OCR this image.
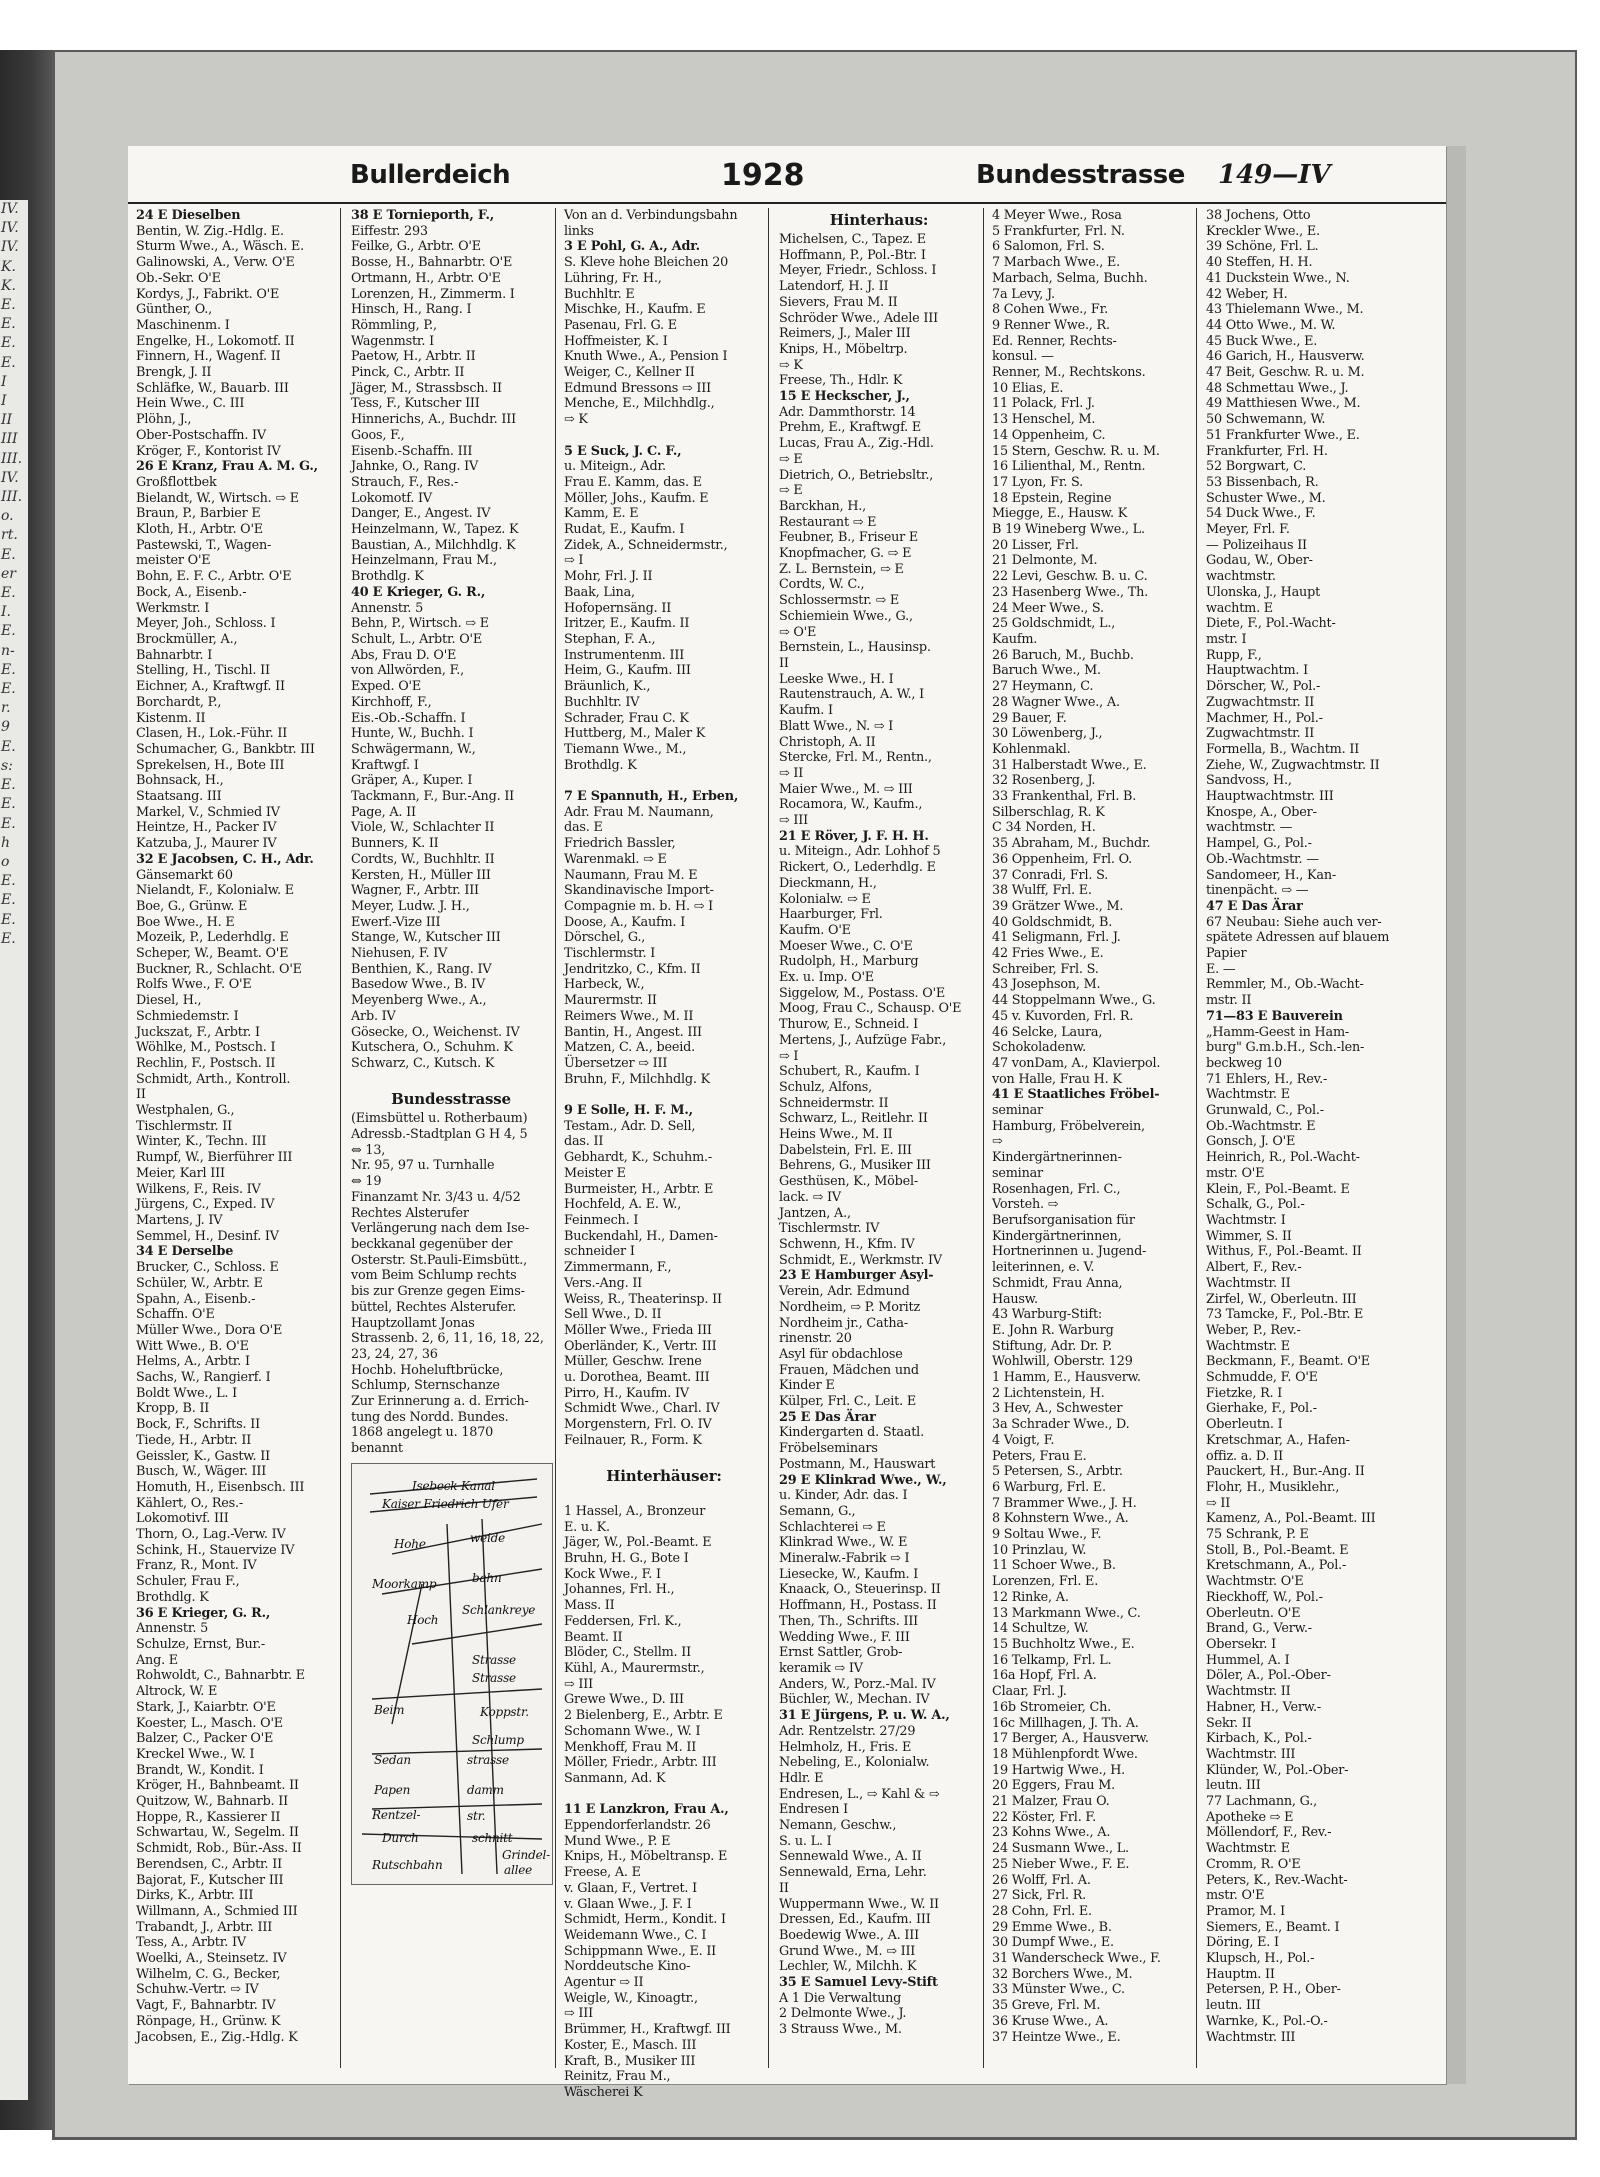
IV.
IV.
IV.
K.
K.
E.
E.
E.
E.
I
I
II
III
III.
IV.
III.
o.
rt.
E.
er
E.
I.
E.
n-
E.
E.
r.
9
E.
s:
E.
E.
E.
h
o
E.
E.
E.
E.
Bullerdeich	1928	Bundesstrasse 149—IV
24 E Dieselben
Bentin, W. Zig.-Hdlg. E.
Sturm Wwe., A., Wäsch. E.
Galinowski, A., Verw. O'E
Ob.-Sekr. O'E
Kordys, J., Fabrikt. O'E
Günther, O.,
Maschinenm. I
Engelke, H., Lokomotf. II
Finnern, H., Wagenf. II
Brengk, J. II
Schläfke, W., Bauarb. III
Hein Wwe., C. III
Plöhn, J.,
Ober-Postschaffn. IV
Kröger, F., Kontorist IV
26 E Kranz, Frau A. M. G.,
Großflottbek
Bielandt, W., Wirtsch. ⇨ E
Braun, P., Barbier E
Kloth, H., Arbtr. O'E
Pastewski, T., Wagen-
meister O'E
Bohn, E. F. C., Arbtr. O'E
Bock, A., Eisenb.-
Werkmstr. I
Meyer, Joh., Schloss. I
Brockmüller, A.,
Bahnarbtr. I
Stelling, H., Tischl. II
Eichner, A., Kraftwgf. II
Borchardt, P.,
Kistenm. II
Clasen, H., Lok.-Führ. II
Schumacher, G., Bankbtr. III
Sprekelsen, H., Bote III
Bohnsack, H.,
Staatsang. III
Markel, V., Schmied IV
Heintze, H., Packer IV
Katzuba, J., Maurer IV
32 E Jacobsen, C. H., Adr.
Gänsemarkt 60
Nielandt, F., Kolonialw. E
Boe, G., Grünw. E
Boe Wwe., H. E
Mozeik, P., Lederhdlg. E
Scheper, W., Beamt. O'E
Buckner, R., Schlacht. O'E
Rolfs Wwe., F. O'E
Diesel, H.,
Schmiedemstr. I
Juckszat, F., Arbtr. I
Wöhlke, M., Postsch. I
Rechlin, F., Postsch. II
Schmidt, Arth., Kontroll.
II
Westphalen, G.,
Tischlermstr. II
Winter, K., Techn. III
Rumpf, W., Bierführer III
Meier, Karl III
Wilkens, F., Reis. IV
Jürgens, C., Exped. IV
Martens, J. IV
Semmel, H., Desinf. IV
34 E Derselbe
Brucker, C., Schloss. E
Schüler, W., Arbtr. E
Spahn, A., Eisenb.-
Schaffn. O'E
Müller Wwe., Dora O'E
Witt Wwe., B. O'E
Helms, A., Arbtr. I
Sachs, W., Rangierf. I
Boldt Wwe., L. I
Kropp, B. II
Bock, F., Schrifts. II
Tiede, H., Arbtr. II
Geissler, K., Gastw. II
Busch, W., Wäger. III
Homuth, H., Eisenbsch. III
Kählert, O., Res.-
Lokomotivf. III
Thorn, O., Lag.-Verw. IV
Schink, H., Stauervize IV
Franz, R., Mont. IV
Schuler, Frau F.,
Brothdlg. K
36 E Krieger, G. R.,
Annenstr. 5
Schulze, Ernst, Bur.-
Ang. E
Rohwoldt, C., Bahnarbtr. E
Altrock, W. E
Stark, J., Kaiarbtr. O'E
Koester, L., Masch. O'E
Balzer, C., Packer O'E
Kreckel Wwe., W. I
Brandt, W., Kondit. I
Kröger, H., Bahnbeamt. II
Quitzow, W., Bahnarb. II
Hoppe, R., Kassierer II
Schwartau, W., Segelm. II
Schmidt, Rob., Bür.-Ass. II
Berendsen, C., Arbtr. II
Bajorat, F., Kutscher III
Dirks, K., Arbtr. III
Willmann, A., Schmied III
Trabandt, J., Arbtr. III
Tess, A., Arbtr. IV
Woelki, A., Steinsetz. IV
Wilhelm, C. G., Becker,
Schuhw.-Vertr. ⇨ IV
Vagt, F., Bahnarbtr. IV
Rönpage, H., Grünw. K
Jacobsen, E., Zig.-Hdlg. K
38 E Tornieporth, F.,
Eiffestr. 293
Feilke, G., Arbtr. O'E
Bosse, H., Bahnarbtr. O'E
Ortmann, H., Arbtr. O'E
Lorenzen, H., Zimmerm. I
Hinsch, H., Rang. I
Römmling, P.,
Wagenmstr. I
Paetow, H., Arbtr. II
Pinck, C., Arbtr. II
Jäger, M., Strassbsch. II
Tess, F., Kutscher III
Hinnerichs, A., Buchdr. III
Goos, F.,
Eisenb.-Schaffn. III
Jahnke, O., Rang. IV
Strauch, F., Res.-
Lokomotf. IV
Danger, E., Angest. IV
Heinzelmann, W., Tapez. K
Baustian, A., Milchhdlg. K
Heinzelmann, Frau M.,
Brothdlg. K
40 E Krieger, G. R.,
Annenstr. 5
Behn, P., Wirtsch. ⇨ E
Schult, L., Arbtr. O'E
Abs, Frau D. O'E
von Allwörden, F.,
Exped. O'E
Kirchhoff, F.,
Eis.-Ob.-Schaffn. I
Hunte, W., Buchh. I
Schwägermann, W.,
Kraftwgf. I
Gräper, A., Kuper. I
Tackmann, F., Bur.-Ang. II
Page, A. II
Viole, W., Schlachter II
Bunners, K. II
Cordts, W., Buchhltr. II
Kersten, H., Müller III
Wagner, F., Arbtr. III
Meyer, Ludw. J. H.,
Ewerf.-Vize III
Stange, W., Kutscher III
Niehusen, F. IV
Benthien, K., Rang. IV
Basedow Wwe., B. IV
Meyenberg Wwe., A.,
Arb. IV
Gösecke, O., Weichenst. IV
Kutschera, O., Schuhm. K
Schwarz, C., Kutsch. K

Bundesstrasse
(Eimsbüttel u. Rotherbaum)
Adressb.-Stadtplan G H 4, 5
⇔ 13,
Nr. 95, 97 u. Turnhalle
⇔ 19
Finanzamt Nr. 3/43 u. 4/52
Rechtes Alsterufer
Verlängerung nach dem Ise-
beckkanal gegenüber der
Osterstr. St.Pauli-Eimsbütt.,
vom Beim Schlump rechts
bis zur Grenze gegen Eims-
büttel, Rechtes Alsterufer.
Hauptzollamt Jonas
Strassenb. 2, 6, 11, 16, 18, 22,
23, 24, 27, 36
Hochb. Hoheluftbrücke,
Schlump, Sternschanze
Zur Erinnerung a. d. Errich-
tung des Nordd. Bundes.
1868 angelegt u. 1870
benannt
Isebeck Kanal
Kaiser Friedrich Ufer
Hohe	weide
Moorkamp	bahn
Schlankreye
Hoch
Strasse
Strasse
Koppstr.
Beim
Schlump
Sedan	strasse
Papen	damm
Rentzel-	str.
Durch	schnitt
Rutschbahn
Grindel-
allee
Von an d. Verbindungsbahn
links
3 E Pohl, G. A., Adr.
S. Kleve hohe Bleichen 20
Lühring, Fr. H.,
Buchhltr. E
Mischke, H., Kaufm. E
Pasenau, Frl. G. E
Hoffmeister, K. I
Knuth Wwe., A., Pension I
Weiger, C., Kellner II
Edmund Bressons ⇨ III
Menche, E., Milchhdlg.,
⇨ K

5 E Suck, J. C. F.,
u. Miteign., Adr.
Frau E. Kamm, das. E
Möller, Johs., Kaufm. E
Kamm, E. E
Rudat, E., Kaufm. I
Zidek, A., Schneidermstr.,
⇨ I
Mohr, Frl. J. II
Baak, Lina,
Hofopernsäng. II
Iritzer, E., Kaufm. II
Stephan, F. A.,
Instrumentenm. III
Heim, G., Kaufm. III
Bräunlich, K.,
Buchhltr. IV
Schrader, Frau C. K
Huttberg, M., Maler K
Tiemann Wwe., M.,
Brothdlg. K

7 E Spannuth, H., Erben,
Adr. Frau M. Naumann,
das. E
Friedrich Bassler,
Warenmakl. ⇨ E
Naumann, Frau M. E
Skandinavische Import-
Compagnie m. b. H. ⇨ I
Doose, A., Kaufm. I
Dörschel, G.,
Tischlermstr. I
Jendritzko, C., Kfm. II
Harbeck, W.,
Maurermstr. II
Reimers Wwe., M. II
Bantin, H., Angest. III
Matzen, C. A., beeid.
Übersetzer ⇨ III
Bruhn, F., Milchhdlg. K

9 E Solle, H. F. M.,
Testam., Adr. D. Sell,
das. II
Gebhardt, K., Schuhm.-
Meister E
Burmeister, H., Arbtr. E
Hochfeld, A. E. W.,
Feinmech. I
Buckendahl, H., Damen-
schneider I
Zimmermann, F.,
Vers.-Ang. II
Weiss, R., Theaterinsp. II
Sell Wwe., D. II
Möller Wwe., Frieda III
Oberländer, K., Vertr. III
Müller, Geschw. Irene
u. Dorothea, Beamt. III
Pirro, H., Kaufm. IV
Schmidt Wwe., Charl. IV
Morgenstern, Frl. O. IV
Feilnauer, R., Form. K

Hinterhäuser:

1 Hassel, A., Bronzeur
E. u. K.
Jäger, W., Pol.-Beamt. E
Bruhn, H. G., Bote I
Kock Wwe., F. I
Johannes, Frl. H.,
Mass. II
Feddersen, Frl. K.,
Beamt. II
Blöder, C., Stellm. II
Kühl, A., Maurermstr.,
⇨ III
Grewe Wwe., D. III
2 Bielenberg, E., Arbtr. E
Schomann Wwe., W. I
Menkhoff, Frau M. II
Möller, Friedr., Arbtr. III
Sanmann, Ad. K

11 E Lanzkron, Frau A.,
Eppendorferlandstr. 26
Mund Wwe., P. E
Knips, H., Möbeltransp. E
Freese, A. E
v. Glaan, F., Vertret. I
v. Glaan Wwe., J. F. I
Schmidt, Herm., Kondit. I
Weidemann Wwe., C. I
Schippmann Wwe., E. II
Norddeutsche Kino-
Agentur ⇨ II
Weigle, W., Kinoagtr.,
⇨ III
Brümmer, H., Kraftwgf. III
Koster, E., Masch. III
Kraft, B., Musiker III
Reinitz, Frau M.,
Wäscherei K
Hinterhaus:
Michelsen, C., Tapez. E
Hoffmann, P., Pol.-Btr. I
Meyer, Friedr., Schloss. I
Latendorf, H. J. II
Sievers, Frau M. II
Schröder Wwe., Adele III
Reimers, J., Maler III
Knips, H., Möbeltrp.
⇨ K
Freese, Th., Hdlr. K
15 E Heckscher, J.,
Adr. Dammthorstr. 14
Prehm, E., Kraftwgf. E
Lucas, Frau A., Zig.-Hdl.
⇨ E
Dietrich, O., Betriebsltr.,
⇨ E
Barckhan, H.,
Restaurant ⇨ E
Feubner, B., Friseur E
Knopfmacher, G. ⇨ E
Z. L. Bernstein, ⇨ E
Cordts, W. C.,
Schlossermstr. ⇨ E
Schiemiein Wwe., G.,
⇨ O'E
Bernstein, L., Hausinsp.
II
Leeske Wwe., H. I
Rautenstrauch, A. W., I
Kaufm. I
Blatt Wwe., N. ⇨ I
Christoph, A. II
Stercke, Frl. M., Rentn.,
⇨ II
Maier Wwe., M. ⇨ III
Rocamora, W., Kaufm.,
⇨ III
21 E Röver, J. F. H. H.
u. Miteign., Adr. Lohhof 5
Rickert, O., Lederhdlg. E
Dieckmann, H.,
Kolonialw. ⇨ E
Haarburger, Frl.
Kaufm. O'E
Moeser Wwe., C. O'E
Rudolph, H., Marburg
Ex. u. Imp. O'E
Siggelow, M., Postass. O'E
Moog, Frau C., Schausp. O'E
Thurow, E., Schneid. I
Mertens, J., Aufzüge Fabr.,
⇨ I
Schubert, R., Kaufm. I
Schulz, Alfons,
Schneidermstr. II
Schwarz, L., Reitlehr. II
Heins Wwe., M. II
Dabelstein, Frl. E. III
Behrens, G., Musiker III
Gesthüsen, K., Möbel-
lack. ⇨ IV
Jantzen, A.,
Tischlermstr. IV
Schwenn, H., Kfm. IV
Schmidt, E., Werkmstr. IV
23 E Hamburger Asyl-
Verein, Adr. Edmund
Nordheim, ⇨ P. Moritz
Nordheim jr., Catha-
rinenstr. 20
Asyl für obdachlose
Frauen, Mädchen und
Kinder E
Külper, Frl. C., Leit. E
25 E Das Ärar
Kindergarten d. Staatl.
Fröbelseminars
Postmann, M., Hauswart
29 E Klinkrad Wwe., W.,
u. Kinder, Adr. das. I
Semann, G.,
Schlachterei ⇨ E
Klinkrad Wwe., W. E
Mineralw.-Fabrik ⇨ I
Liesecke, W., Kaufm. I
Knaack, O., Steuerinsp. II
Hoffmann, H., Postass. II
Then, Th., Schrifts. III
Wedding Wwe., F. III
Ernst Sattler, Grob-
keramik ⇨ IV
Anders, W., Porz.-Mal. IV
Büchler, W., Mechan. IV
31 E Jürgens, P. u. W. A.,
Adr. Rentzelstr. 27/29
Helmholz, H., Fris. E
Nebeling, E., Kolonialw.
Hdlr. E
Endresen, L., ⇨ Kahl & ⇨
Endresen I
Nemann, Geschw.,
S. u. L. I
Sennewald Wwe., A. II
Sennewald, Erna, Lehr.
II
Wuppermann Wwe., W. II
Dressen, Ed., Kaufm. III
Boedewig Wwe., A. III
Grund Wwe., M. ⇨ III
Lechler, W., Milchh. K
35 E Samuel Levy-Stift
A 1 Die Verwaltung
2 Delmonte Wwe., J.
3 Strauss Wwe., M.
4 Meyer Wwe., Rosa
5 Frankfurter, Frl. N.
6 Salomon, Frl. S.
7 Marbach Wwe., E.
Marbach, Selma, Buchh.
7a Levy, J.
8 Cohen Wwe., Fr.
9 Renner Wwe., R.
Ed. Renner, Rechts-
konsul. —
Renner, M., Rechtskons.
10 Elias, E.
11 Polack, Frl. J.
13 Henschel, M.
14 Oppenheim, C.
15 Stern, Geschw. R. u. M.
16 Lilienthal, M., Rentn.
17 Lyon, Fr. S.
18 Epstein, Regine
Miegge, E., Hausw. K
B 19 Wineberg Wwe., L.
20 Lisser, Frl.
21 Delmonte, M.
22 Levi, Geschw. B. u. C.
23 Hasenberg Wwe., Th.
24 Meer Wwe., S.
25 Goldschmidt, L.,
Kaufm.
26 Baruch, M., Buchb.
Baruch Wwe., M.
27 Heymann, C.
28 Wagner Wwe., A.
29 Bauer, F.
30 Löwenberg, J.,
Kohlenmakl.
31 Halberstadt Wwe., E.
32 Rosenberg, J.
33 Frankenthal, Frl. B.
Silberschlag, R. K
C 34 Norden, H.
35 Abraham, M., Buchdr.
36 Oppenheim, Frl. O.
37 Conradi, Frl. S.
38 Wulff, Frl. E.
39 Grätzer Wwe., M.
40 Goldschmidt, B.
41 Seligmann, Frl. J.
42 Fries Wwe., E.
Schreiber, Frl. S.
43 Josephson, M.
44 Stoppelmann Wwe., G.
45 v. Kuvorden, Frl. R.
46 Selcke, Laura,
Schokoladenw.
47 vonDam, A., Klavierpol.
von Halle, Frau H. K
41 E Staatliches Fröbel-
seminar
Hamburg, Fröbelverein,
⇨
Kindergärtnerinnen-
seminar
Rosenhagen, Frl. C.,
Vorsteh. ⇨
Berufsorganisation für
Kindergärtnerinnen,
Hortnerinnen u. Jugend-
leiterinnen, e. V.
Schmidt, Frau Anna,
Hausw.
43 Warburg-Stift:
E. John R. Warburg
Stiftung, Adr. Dr. P.
Wohlwill, Oberstr. 129
1 Hamm, E., Hausverw.
2 Lichtenstein, H.
3 Hev, A., Schwester
3a Schrader Wwe., D.
4 Voigt, F.
Peters, Frau E.
5 Petersen, S., Arbtr.
6 Warburg, Frl. E.
7 Brammer Wwe., J. H.
8 Kohnstern Wwe., A.
9 Soltau Wwe., F.
10 Prinzlau, W.
11 Schoer Wwe., B.
Lorenzen, Frl. E.
12 Rinke, A.
13 Markmann Wwe., C.
14 Schultze, W.
15 Buchholtz Wwe., E.
16 Telkamp, Frl. L.
16a Hopf, Frl. A.
Claar, Frl. J.
16b Stromeier, Ch.
16c Millhagen, J. Th. A.
17 Berger, A., Hausverw.
18 Mühlenpfordt Wwe.
19 Hartwig Wwe., H.
20 Eggers, Frau M.
21 Malzer, Frau O.
22 Köster, Frl. F.
23 Kohns Wwe., A.
24 Susmann Wwe., L.
25 Nieber Wwe., F. E.
26 Wolff, Frl. A.
27 Sick, Frl. R.
28 Cohn, Frl. E.
29 Emme Wwe., B.
30 Dumpf Wwe., E.
31 Wanderscheck Wwe., F.
32 Borchers Wwe., M.
33 Münster Wwe., C.
35 Greve, Frl. M.
36 Kruse Wwe., A.
37 Heintze Wwe., E.
38 Jochens, Otto
Kreckler Wwe., E.
39 Schöne, Frl. L.
40 Steffen, H. H.
41 Duckstein Wwe., N.
42 Weber, H.
43 Thielemann Wwe., M.
44 Otto Wwe., M. W.
45 Buck Wwe., E.
46 Garich, H., Hausverw.
47 Beit, Geschw. R. u. M.
48 Schmettau Wwe., J.
49 Matthiesen Wwe., M.
50 Schwemann, W.
51 Frankfurter Wwe., E.
Frankfurter, Frl. H.
52 Borgwart, C.
53 Bissenbach, R.
Schuster Wwe., M.
54 Duck Wwe., F.
Meyer, Frl. F.
— Polizeihaus II
Godau, W., Ober-
wachtmstr.
Ulonska, J., Haupt
wachtm. E
Diete, F., Pol.-Wacht-
mstr. I
Rupp, F.,
Hauptwachtm. I
Dörscher, W., Pol.-
Zugwachtmstr. II
Machmer, H., Pol.-
Zugwachtmstr. II
Formella, B., Wachtm. II
Ziehe, W., Zugwachtmstr. II
Sandvoss, H.,
Hauptwachtmstr. III
Knospe, A., Ober-
wachtmstr. —
Hampel, G., Pol.-
Ob.-Wachtmstr. —
Sandomeer, H., Kan-
tinenpächt. ⇨ —
47 E Das Ärar
67 Neubau: Siehe auch ver-
spätete Adressen auf blauem
Papier
E. —
Remmler, M., Ob.-Wacht-
mstr. II
71—83 E Bauverein
„Hamm-Geest in Ham-
burg" G.m.b.H., Sch.-len-
beckweg 10
71 Ehlers, H., Rev.-
Wachtmstr. E
Grunwald, C., Pol.-
Ob.-Wachtmstr. E
Gonsch, J. O'E
Heinrich, R., Pol.-Wacht-
mstr. O'E
Klein, F., Pol.-Beamt. E
Schalk, G., Pol.-
Wachtmstr. I
Wimmer, S. II
Withus, F., Pol.-Beamt. II
Albert, F., Rev.-
Wachtmstr. II
Zirfel, W., Oberleutn. III
73 Tamcke, F., Pol.-Btr. E
Weber, P., Rev.-
Wachtmstr. E
Beckmann, F., Beamt. O'E
Schmudde, F. O'E
Fietzke, R. I
Gierhake, F., Pol.-
Oberleutn. I
Kretschmar, A., Hafen-
offiz. a. D. II
Pauckert, H., Bur.-Ang. II
Flohr, H., Musiklehr.,
⇨ II
Kamenz, A., Pol.-Beamt. III
75 Schrank, P. E
Stoll, B., Pol.-Beamt. E
Kretschmann, A., Pol.-
Wachtmstr. O'E
Rieckhoff, W., Pol.-
Oberleutn. O'E
Brand, G., Verw.-
Obersekr. I
Hummel, A. I
Döler, A., Pol.-Ober-
Wachtmstr. II
Habner, H., Verw.-
Sekr. II
Kirbach, K., Pol.-
Wachtmstr. III
Klünder, W., Pol.-Ober-
leutn. III
77 Lachmann, G.,
Apotheke ⇨ E
Möllendorf, F., Rev.-
Wachtmstr. E
Cromm, R. O'E
Peters, K., Rev.-Wacht-
mstr. O'E
Pramor, M. I
Siemers, E., Beamt. I
Döring, E. I
Klupsch, H., Pol.-
Hauptm. II
Petersen, P. H., Ober-
leutn. III
Warnke, K., Pol.-O.-
Wachtmstr. III
